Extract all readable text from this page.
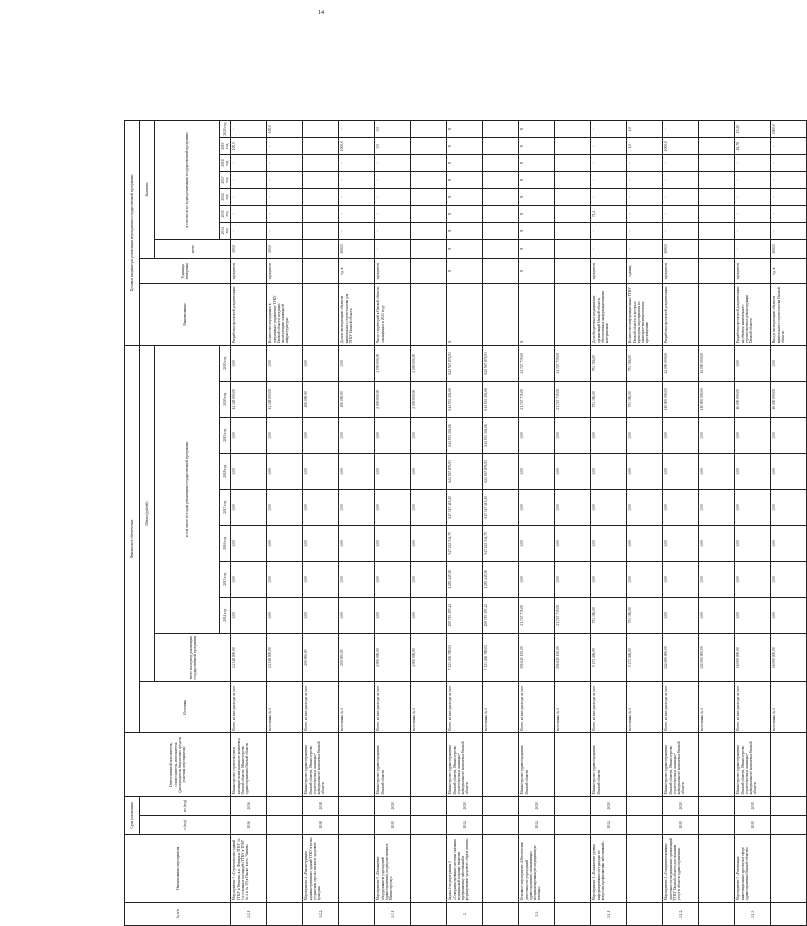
14
№ п/п	Наименование мероприятия	Срок реализации		Ответственный исполнитель, соисполнитель, исполнитель (распорядитель бюджетных средств, участник мероприятия)	Финансовое обеспечение										Целевые индикаторы реализации мероприятия государственной программы									
		с (год)	по (год)		Источник	Объем (рублей)									Наименование	Единица измерения	Значение							
						всего на период реализации государственной программы	в том числе по годам реализации государственной программы										всего	в том числе по годам реализации государственной программы						
							2014 год	2015 год	2016 год	2017 год	2018 год	2019 год	2020 год	2020 год				2014 год	2015 год	2016 год	2017 год	2018 год	2019 год	2020 год
1.2.1.	Мероприятие 3 «Строительство зданий ТГКУ в Тюмени, в п. Фонарь в ТГКУ № 3 и основных площадей (ТГКУ в ТГКУ № 4 и № 30) в Омске, в пос. Чапаев»	2016	2016	Министерство строительства и жилищно-коммунального комплекса Омской области, Министерство здравоохранения Омской области	Всего, из них расходы за счет	14 328 000,00	0,00	0,00	0,00	0,00	0,00	0,00	14 328 000,00	0,00	Разработка проектной документации	процентов	100,0	-	-	-	-	-	100,0	-
					источника № 1	14 328 000,00	0,00	0,00	0,00	0,00	0,00	0,00	14 328 000,00	0,00	Количество переданных в оперативное управление ТГКУ Омской области, ведущих эксплуатацию жилищной инфраструктуры	процентов	100,0	-	-	-	-	-	-	100,0
1.2.2.	Мероприятие 4 «Реконструкция административных зданий ТГКУ в целях устранения угрозы жизни и здоровью граждан»	2018	2018	Министерство здравоохранения Омской области, Министерство строительства и жилищно-коммунального комплекса Омской области	Всего, из них расходы за счет	200 000,00	0,00	0,00	0,00	0,00	0,00	0,00	200 000,00	0,00										
					источника № 1	200 000,00	0,00	0,00	0,00	0,00	0,00	0,00	200 000,00	0,00	Доля в эксплуатацию объектов капитального строительства для ТГКУ Омской области	ед. в	1000,0	-	-	-	-	-	1000,0	-
1.3.1.	Мероприятие 5 «Оснащение оборудованием учреждений здравоохранения, подведомственных Министерству»	2019	2020	Министерство здравоохранения Омской области	Всего, из них расходы за счет	4 000 000,00	0,00	0,00	0,00	0,00	0,00	0,00	2 000 000,00	2 000 000,00	Число территорий в Омской области, оснащенных в 2021 году	процентов	-	-	-	-	-	-	0,5	0,5
					источника № 1	4 000 000,00	0,00	0,00	0,00	0,00	0,00	0,00	2 000 000,00	2 000 000,00										
2.	Задача 2 подпрограммы 1 «Совершенствование системы оказания медицинской помощи, включая профилактику заболеваний и формирование здорового образа жизни»	2014	2020	Министерство здравоохранения Омской области, Министерство строительства и жилищно-коммунального комплекса Омской области	Всего, из них расходы за счет	7 123 456 789,01	459 715 197,42	1 283 445,50	547 222 534,75	617 317 415,20	622 567 876,93	614 553 104,06	614 553 104,06	622 567 876,93	X	X	X	X	X	X	X	X	X	X
					источника № 1	7 123 456 789,01	459 715 197,42	1 283 445,50	547 222 534,75	617 317 415,20	622 567 876,93	614 553 104,06	614 553 104,06	622 567 876,93										
2.1.	Основное мероприятие «Обеспечение деятельности учреждений здравоохранения, оказывающих специализированную медицинскую помощь»	2014	2020	Министерство здравоохранения Омской области	Всего, из них расходы за счет	156 645 150,00	21 747 735,00	0,00	0,00	0,00	0,00	0,00	21 747 735,00	21 747 735,00	X	X	X	X	X	X	X	X	X	X
					источника № 1	156 645 150,00	21 747 735,00	0,00	0,00	0,00	0,00	0,00	21 747 735,00	21 747 735,00										
2.1.1.	Мероприятие 1 «Повышение уровня информированности граждан по вопросам профилактики заболеваний»	2014	2020	Министерство здравоохранения Омской области	Всего, из них расходы за счет	5 273 496,00	753 356,00	0,00	0,00	0,00	0,00	0,00	753 356,00	753 356,00	Доля бюджетных медицинских организаций Омской области, обеспеченных информационными материалами	процентов	-	-	71,2	-	-	-	-	-
					источника № 1	5 273 496,00	753 356,00	0,00	0,00	0,00	0,00	0,00	753 356,00	753 356,00	Количество информационных ТГКУ Омской области, в которых проведены мероприятия по санитарно-гигиеническому просвещению	единиц	-	-	-	-	-	-	1,0	1,0
2.1.2.	Мероприятие 2 «Совершенствование деятельности медицинских организаций ТГКУ Омской области для оказания услуг в области здравоохранения»	2019	2020	Министерство здравоохранения Омской области, Министерство строительства и жилищно-коммунального комплекса Омской области	Всего, из них расходы за счет	124 000 000,00	0,00	0,00	0,00	0,00	0,00	0,00	110 000 000,00	14 000 000,00	Разработка проектной документации	процентов	1000,0	-	-	-	-	-	1000,0	-
					источника № 1	124 000 000,00	0,00	0,00	0,00	0,00	0,00	0,00	110 000 000,00	14 000 000,00										
2.1.3.	Мероприятие 3 «Реализация инвестиционных проектов в сфере здравоохранения Омской области»	2019	2019	Министерство здравоохранения Омской области, Министерство строительства и жилищно-коммунального комплекса Омской области	Всего, из них расходы за счет	16 000 000,00	0,00	0,00	0,00	0,00	0,00	0,00	16 000 000,00	0,00	Разработка проектной документации на объекты капитального строительства и реконструкции Омской области	процентов	-	-	-	-	-	-	84,78	15,20
					источника № 1	16 000 000,00	0,00	0,00	0,00	0,00	0,00	0,00	16 000 000,00	0,00	Ввод в эксплуатацию объектов капитального строительства Омской области	ед. в	1000,0	-	-	-	-	-	-	1000,0
